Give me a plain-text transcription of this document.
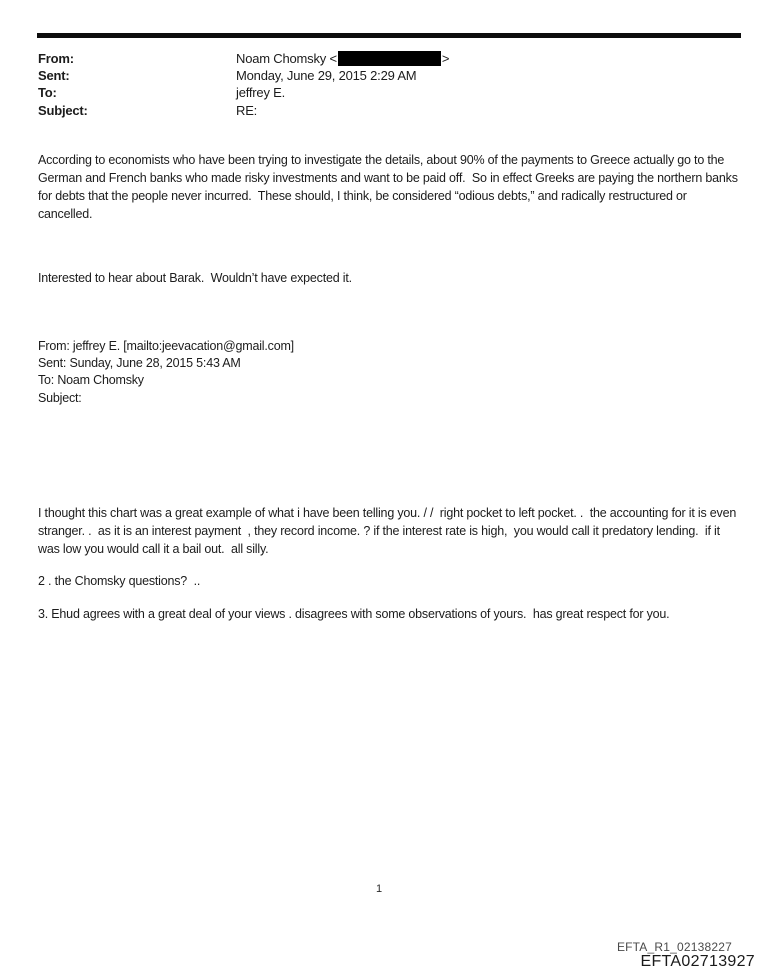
From:	Noam Chomsky <	>
Sent:	Monday, June 29, 2015 2:29 AM
To:	jeffrey E.
Subject:	RE:
According to economists who have been trying to investigate the details, about 90% of the payments to Greece actually go to the German and French banks who made risky investments and want to be paid off.  So in effect Greeks are paying the northern banks for debts that the people never incurred.  These should, I think, be considered “odious debts,” and radically restructured or cancelled.
Interested to hear about Barak.  Wouldn’t have expected it.
From: jeffrey E. [mailto:jeevacation@gmail.com]
Sent: Sunday, June 28, 2015 5:43 AM
To: Noam Chomsky
Subject:
I thought this chart was a great example of what i have been telling you. / /  right pocket to left pocket. .  the accounting for it is even stranger. .  as it is an interest payment  , they record income. ? if the interest rate is high,  you would call it predatory lending.  if it was low you would call it a bail out.  all silly.
2 . the Chomsky questions?  ..
3. Ehud agrees with a great deal of your views . disagrees with some observations of yours.  has great respect for you.
1
EFTA_R1_02138227
EFTA02713927
